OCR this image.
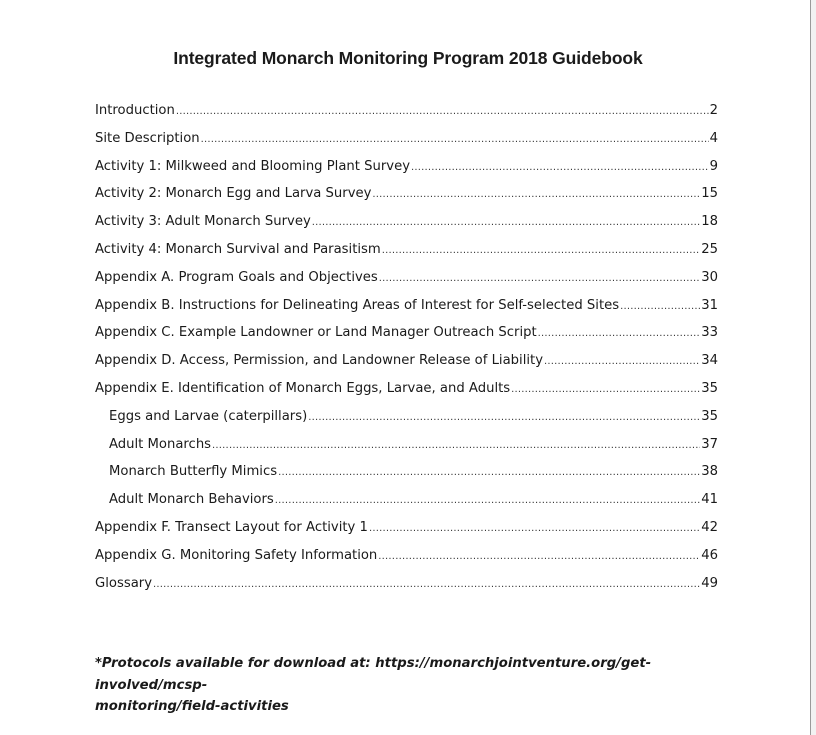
Integrated Monarch Monitoring Program 2018 Guidebook
Introduction .....	2
Site Description .....	4
Activity 1: Milkweed and Blooming Plant Survey .....	9
Activity 2: Monarch Egg and Larva Survey .....	15
Activity 3: Adult Monarch Survey .....	18
Activity 4: Monarch Survival and Parasitism .....	25
Appendix A. Program Goals and Objectives .....	30
Appendix B. Instructions for Delineating Areas of Interest for Self-selected Sites .....	31
Appendix C. Example Landowner or Land Manager Outreach Script .....	33
Appendix D. Access, Permission, and Landowner Release of Liability .....	34
Appendix E. Identification of Monarch Eggs, Larvae, and Adults .....	35
Eggs and Larvae (caterpillars) .....	35
Adult Monarchs .....	37
Monarch Butterfly Mimics .....	38
Adult Monarch Behaviors .....	41
Appendix F. Transect Layout for Activity 1 .....	42
Appendix G. Monitoring Safety Information .....	46
Glossary .....	49
*Protocols available for download at: https://monarchjointventure.org/get-involved/mcsp-
monitoring/field-activities
